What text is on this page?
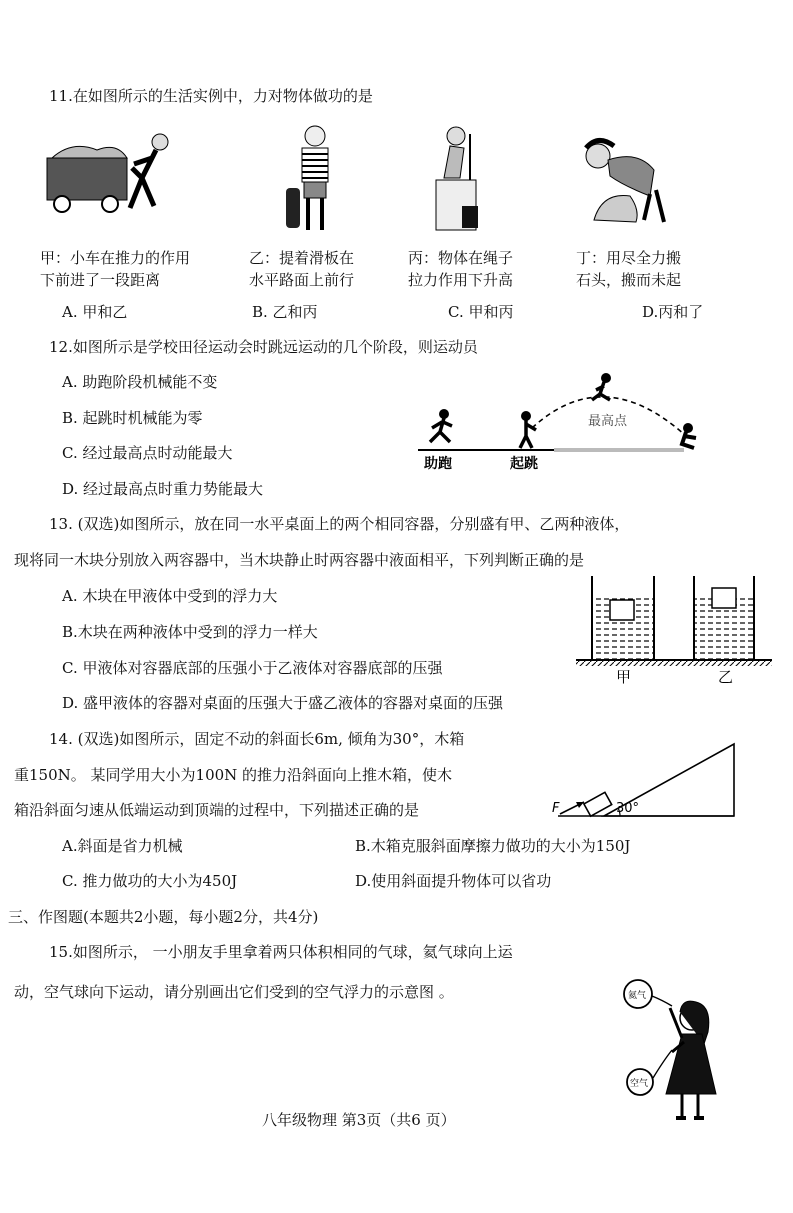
11.在如图所示的生活实例中，力对物体做功的是
甲：小车在推力的作用
下前进了一段距离
乙：提着滑板在
水平路面上前行
丙：物体在绳子
拉力作用下升高
丁：用尽全力搬
石头，搬而未起
A. 甲和乙	B. 乙和丙	C. 甲和丙	D.丙和了
12.如图所示是学校田径运动会时跳远运动的几个阶段，则运动员
A. 助跑阶段机械能不变
B. 起跳时机械能为零
C. 经过最高点时动能最大
D. 经过最高点时重力势能最大
助跑	起跳
最高点
13. (双选)如图所示，放在同一水平桌面上的两个相同容器，分别盛有甲、乙两种液体，
现将同一木块分别放入两容器中，当木块静止时两容器中液面相平，下列判断正确的是
A. 木块在甲液体中受到的浮力大
B.木块在两种液体中受到的浮力一样大
C. 甲液体对容器底部的压强小于乙液体对容器底部的压强
D. 盛甲液体的容器对桌面的压强大于盛乙液体的容器对桌面的压强
甲	乙
14. (双选)如图所示，固定不动的斜面长6m, 倾角为30°，木箱
重150N。 某同学用大小为100N 的推力沿斜面向上推木箱，使木
箱沿斜面匀速从低端运动到顶端的过程中，下列描述正确的是
A.斜面是省力机械	B.木箱克服斜面摩擦力做功的大小为150J
C. 推力做功的大小为450J	D.使用斜面提升物体可以省功
F	30°
三、作图题(本题共2小题，每小题2分，共4分)
15.如图所示， 一小朋友手里拿着两只体积相同的气球，氦气球向上运
动，空气球向下运动，请分别画出它们受到的空气浮力的示意图 。	氦气
空气
八年级物理 第3页（共6 页）
